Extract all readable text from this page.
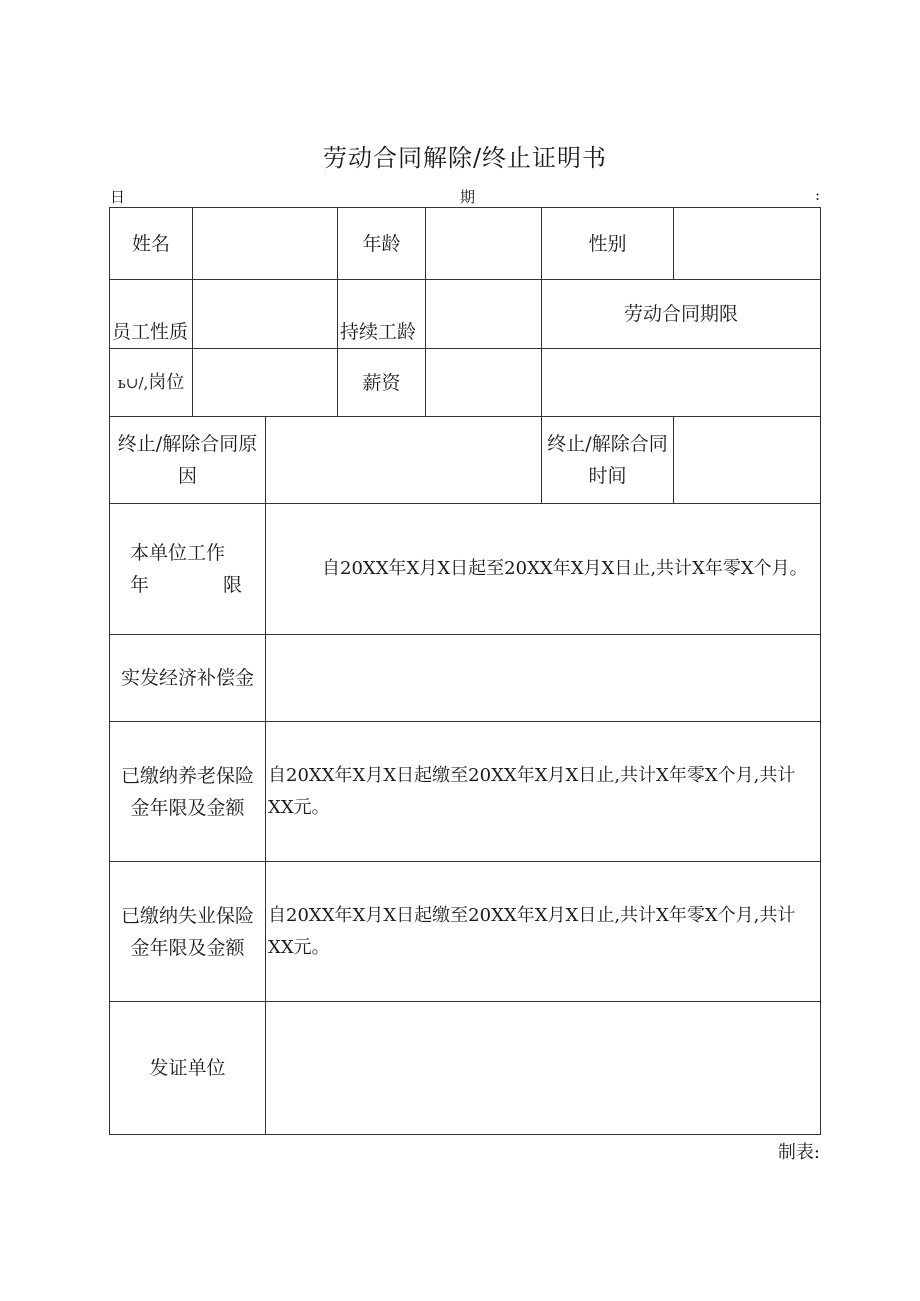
劳动合同解除/终止证明书
日	期	:
姓名			年龄		性别	
员工性质			持续工龄		劳动合同期限	
ь∪/,岗位			薪资			
终止/解除合同原因					终止/解除合同时间	

本单位工作
年 限		自20XX年X月X日起至20XX年X月X日止,共计X年零X个月。				
实发经济补偿金						
已缴纳养老保险金年限及金额		自20XX年X月X日起缴至20XX年X月X日止,共计X年零X个月,共计XX元。				
已缴纳失业保险金年限及金额		自20XX年X月X日起缴至20XX年X月X日止,共计X年零X个月,共计XX元。				
发证单位						
制表:
